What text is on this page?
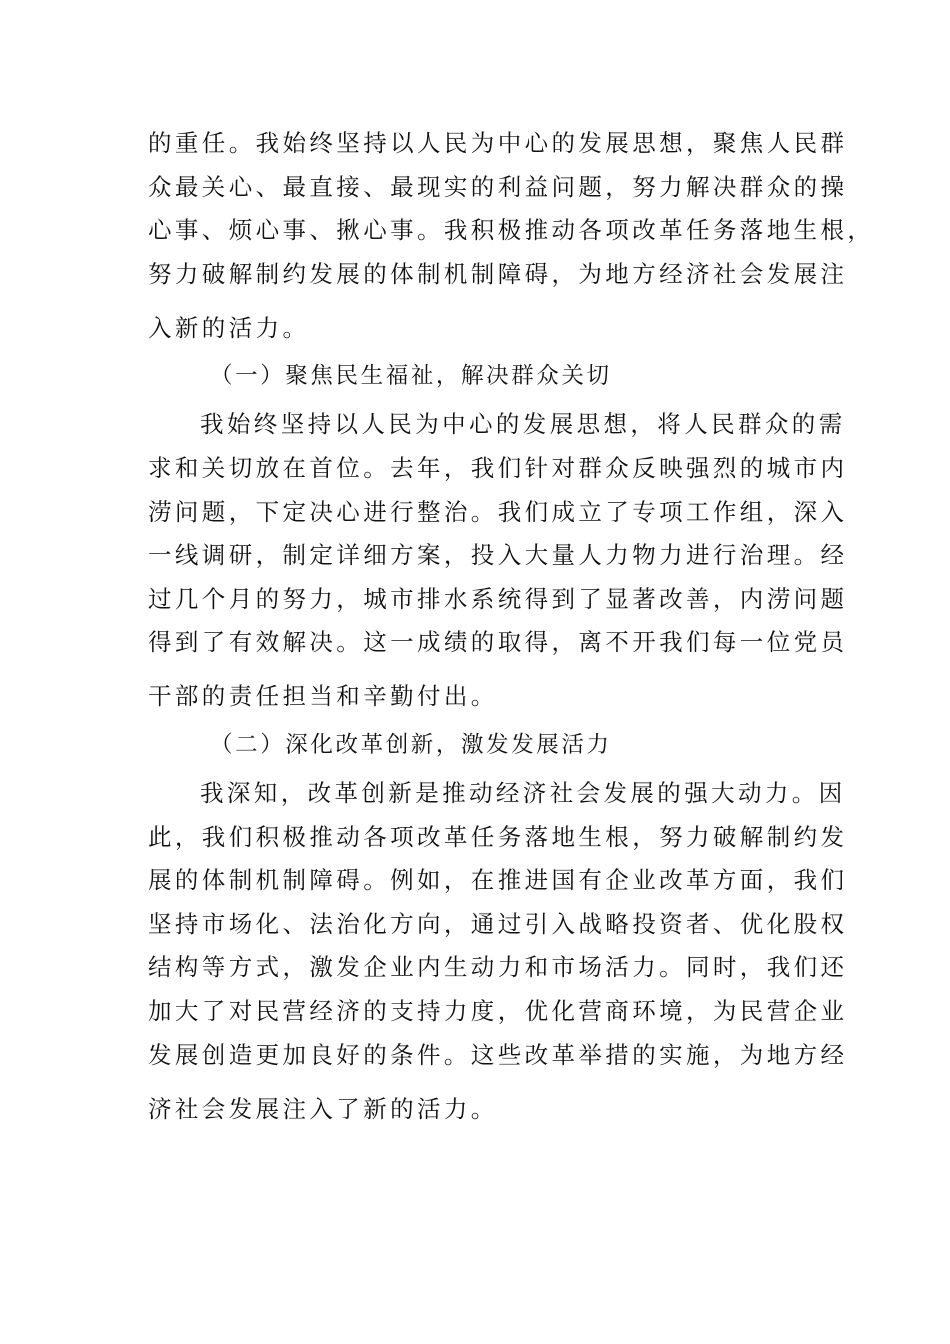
的重任。我始终坚持以人民为中心的发展思想，聚焦人民群
众最关心、最直接、最现实的利益问题，努力解决群众的操
心事、烦心事、揪心事。我积极推动各项改革任务落地生根，
努力破解制约发展的体制机制障碍，为地方经济社会发展注
入新的活力。
（一）聚焦民生福祉，解决群众关切
我始终坚持以人民为中心的发展思想，将人民群众的需
求和关切放在首位。去年，我们针对群众反映强烈的城市内
涝问题，下定决心进行整治。我们成立了专项工作组，深入
一线调研，制定详细方案，投入大量人力物力进行治理。经
过几个月的努力，城市排水系统得到了显著改善，内涝问题
得到了有效解决。这一成绩的取得，离不开我们每一位党员
干部的责任担当和辛勤付出。
（二）深化改革创新，激发发展活力
我深知，改革创新是推动经济社会发展的强大动力。因
此，我们积极推动各项改革任务落地生根，努力破解制约发
展的体制机制障碍。例如，在推进国有企业改革方面，我们
坚持市场化、法治化方向，通过引入战略投资者、优化股权
结构等方式，激发企业内生动力和市场活力。同时，我们还
加大了对民营经济的支持力度，优化营商环境，为民营企业
发展创造更加良好的条件。这些改革举措的实施，为地方经
济社会发展注入了新的活力。
